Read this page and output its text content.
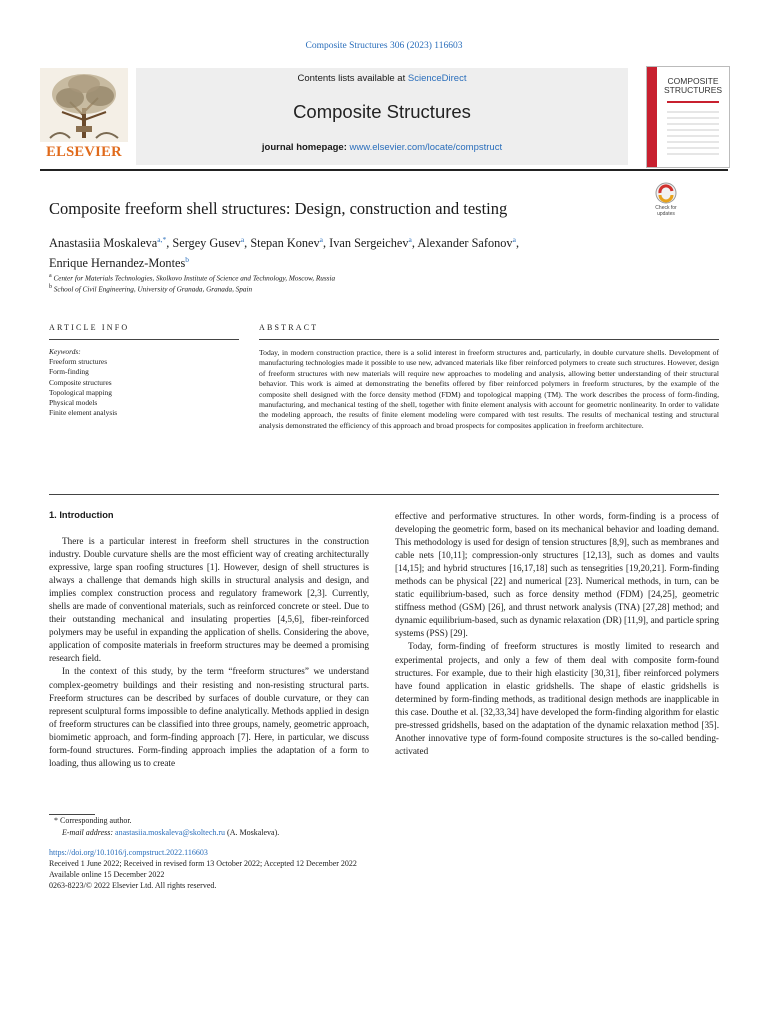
Composite Structures 306 (2023) 116603
Contents lists available at ScienceDirect
Composite Structures
journal homepage: www.elsevier.com/locate/compstruct
ELSEVIER
COMPOSITE
STRUCTURES
Composite freeform shell structures: Design, construction and testing	Check for updates
Anastasiia Moskaleva$^{a,*}$, Sergey Gusev$^a$, Stepan Konev$^a$, Ivan Sergeichev$^a$, Alexander Safonov$^a$,
Enrique Hernandez-Montes$^b$
$^a$ Center for Materials Technologies, Skolkovo Institute of Science and Technology, Moscow, Russia
$^b$ School of Civil Engineering, University of Granada, Granada, Spain
ARTICLE INFO	ABSTRACT
Keywords:
Freeform structures
Form-finding
Composite structures
Topological mapping
Physical models
Finite element analysis
Today, in modern construction practice, there is a solid interest in freeform structures and, particularly, in double curvature shells. Development of manufacturing technologies made it possible to use new, advanced materials like fiber reinforced polymers to create such structures. However, design of freeform structures with new materials will require new approaches to modeling and analysis, allowing better understanding of their structural behavior. This work is aimed at demonstrating the benefits offered by fiber reinforced polymers in freeform structures, by the example of the composite shell designed with the force density method (FDM) and topological mapping (TM). The work describes the process of form-finding, manufacturing, and mechanical testing of the shell, together with finite element analysis with account for geometric nonlinearity. In order to validate the modeling approach, the results of finite element modeling were compared with test results. The results of mechanical testing and structural analysis demonstrated the efficiency of this approach and broad prospects for composites application in freeform architecture.
1. Introduction

There is a particular interest in freeform shell structures in the construction industry. Double curvature shells are the most efficient way of creating architecturally expressive, large span roofing structures [1]. However, design of shell structures is always a challenge that demands high skills in structural analysis and design, and implies complex construction process and regulatory framework [2,3]. Currently, shells are made of conventional materials, such as reinforced concrete or steel. Due to their outstanding mechanical and insulating properties [4,5,6], fiber-reinforced polymers may be useful in expanding the application of shells. Considering the above, application of composite materials in freeform structures may be deemed a promising research field.

In the context of this study, by the term “freeform structures” we understand complex-geometry buildings and their resisting and non-resisting structural parts. Freeform structures can be described by surfaces of double curvature, or they can represent sculptural forms impossible to define analytically. Methods applied in design of freeform structures can be classified into three groups, namely, geometric approach, biomimetic approach, and form-finding approach [7]. Here, in particular, we discuss form-found structures. Form-finding approach implies the adaptation of a form to loading, thus allowing us to create

effective and performative structures. In other words, form-finding is a process of developing the geometric form, based on its mechanical behavior and loading demand. This methodology is used for design of tension structures [8,9], such as membranes and cable nets [10,11]; compression-only structures [12,13], such as domes and vaults [14,15]; and hybrid structures [16,17,18] such as tensegrities [19,20,21]. Form-finding methods can be physical [22] and numerical [23]. Numerical methods, in turn, can be static equilibrium-based, such as force density method (FDM) [24,25], geometric stiffness method (GSM) [26], and thrust network analysis (TNA) [27,28] method; and dynamic equilibrium-based, such as dynamic relaxation (DR) [11,9], and particle spring systems (PSS) [29].

Today, form-finding of freeform structures is mostly limited to research and experimental projects, and only a few of them deal with composite form-found structures. For example, due to their high elasticity [30,31], fiber reinforced polymers have found application in elastic gridshells. The shape of elastic gridshells is determined by form-finding methods, as traditional design methods are inapplicable in this case. Douthe et al. [32,33,34] have developed the form-finding algorithm for elastic pre-stressed gridshells, based on the adaptation of the dynamic relaxation method [35]. Another innovative type of form-found composite structures is the so-called bending-activated

* Corresponding author.
E-mail address: anastasiia.moskaleva@skoltech.ru (A. Moskaleva).
https://doi.org/10.1016/j.compstruct.2022.116603
Received 1 June 2022; Received in revised form 13 October 2022; Accepted 12 December 2022
Available online 15 December 2022
0263-8223/© 2022 Elsevier Ltd. All rights reserved.
